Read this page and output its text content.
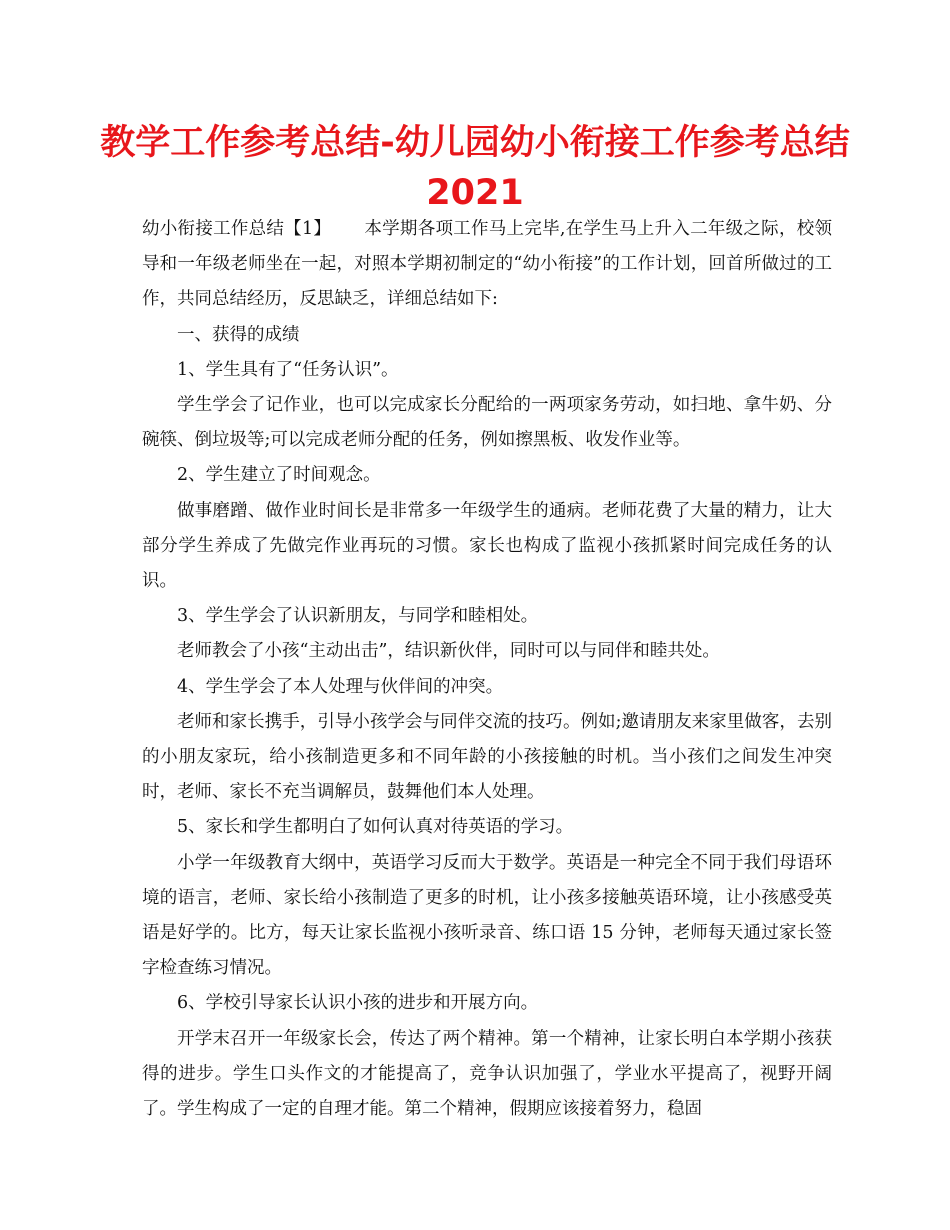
教学工作参考总结-幼儿园幼小衔接工作参考总结
2021

幼小衔接工作总结【1】 本学期各项工作马上完毕,在学生马上升入二年级之际，校领导和一年级老师坐在一起，对照本学期初制定的“幼小衔接”的工作计划，回首所做过的工作，共同总结经历，反思缺乏，详细总结如下:

一、获得的成绩

1、学生具有了“任务认识”。

学生学会了记作业，也可以完成家长分配给的一两项家务劳动，如扫地、拿牛奶、分碗筷、倒垃圾等;可以完成老师分配的任务，例如擦黑板、收发作业等。

2、学生建立了时间观念。

做事磨蹭、做作业时间长是非常多一年级学生的通病。老师花费了大量的精力，让大部分学生养成了先做完作业再玩的习惯。家长也构成了监视小孩抓紧时间完成任务的认识。

3、学生学会了认识新朋友，与同学和睦相处。

老师教会了小孩“主动出击”，结识新伙伴，同时可以与同伴和睦共处。

4、学生学会了本人处理与伙伴间的冲突。

老师和家长携手，引导小孩学会与同伴交流的技巧。例如;邀请朋友来家里做客，去别的小朋友家玩，给小孩制造更多和不同年龄的小孩接触的时机。当小孩们之间发生冲突时，老师、家长不充当调解员，鼓舞他们本人处理。

5、家长和学生都明白了如何认真对待英语的学习。

小学一年级教育大纲中，英语学习反而大于数学。英语是一种完全不同于我们母语环境的语言，老师、家长给小孩制造了更多的时机，让小孩多接触英语环境，让小孩感受英语是好学的。比方，每天让家长监视小孩听录音、练口语 15 分钟，老师每天通过家长签字检查练习情况。

6、学校引导家长认识小孩的进步和开展方向。

开学末召开一年级家长会，传达了两个精神。第一个精神，让家长明白本学期小孩获得的进步。学生口头作文的才能提高了，竞争认识加强了，学业水平提高了，视野开阔了。学生构成了一定的自理才能。第二个精神，假期应该接着努力，稳固
